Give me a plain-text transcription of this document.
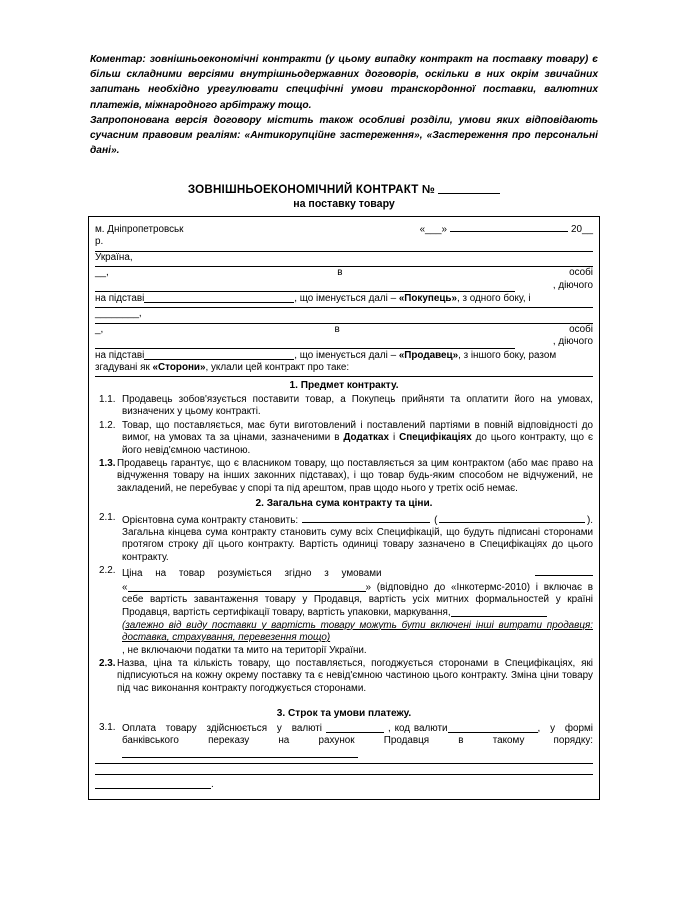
Коментар: зовнішньоекономічні контракти (у цьому випадку контракт на поставку товару) є більш складними версіями внутрішньодержавних договорів, оскільки в них окрім звичайних запитань необхідно урегулювати специфічні умови транскордонної поставки, валютних платежів, міжнародного арбітражу тощо.

Запропонована версія договору містить також особливі розділи, умови яких відповідають сучасним правовим реаліям: «Антикорупційне застереження», «Застереження про персональні дані».

ЗОВНІШНЬОЕКОНОМІЧНИЙ КОНТРАКТ №
на поставку товару
м. Дніпропетровськ	«___»	20__
р.
Україна,
__,	в	особі
, діючого
на підставі	, що іменується далі – «Покупець», з одного боку, і
________,
_,	в	особі
, діючого
на підставі	, що іменується далі – «Продавец», з іншого боку, разом
згадувані як «Сторони», уклали цей контракт про таке:
1. Предмет контракту.
1.1. Продавець зобов'язується поставити товар, а Покупець прийняти та оплатити його на умовах, визначених у цьому контракті.
1.2. Товар, що поставляється, має бути виготовлений і поставлений партіями в повній відповідності до вимог, на умовах та за цінами, зазначеними в Додатках і Специфікаціях до цього контракту, що є його невід'ємною частиною.
1.3. Продавець гарантує, що є власником товару, що поставляється за цим контрактом (або має право на відчуження товару на інших законних підставах), і що товар будь-яким способом не відчужений, не закладений, не перебуває у спорі та під арештом, прав щодо нього у третіх осіб немає.
2. Загальна сума контракту та ціни.
2.1. Орієнтовна сума контракту становить:	(	).
Загальна кінцева сума контракту становить суму всіх Специфікацій, що будуть підписані сторонами протягом строку дії цього контракту. Вартість одиниці товару зазначено в Специфікаціях до цього контракту.
2.2. Ціна на товар розуміється згідно з умовами
«	» (відповідно до «Інкотермс-2010) і включає в себе вартість завантаження товару у Продавця, вартість усіх митних формальностей у країні Продавця, вартість сертифікації товару, вартість упаковки, маркування,
(залежно від виду поставки у вартість товару можуть бути включені інші витрати продавця: доставка, страхування, перевезення тощо)
, не включаючи податки та мито на території України.
2.3. Назва, ціна та кількість товару, що поставляється, погоджується сторонами в Специфікаціях, які підписуються на кожну окрему поставку та є невід'ємною частиною цього контракту. Зміна ціни товару під час виконання контракту погоджується сторонами.
3. Строк та умови платежу.
3.1. Оплата товару здійснюється у валюті	, код валюти	, у формі банківського переказу на рахунок Продавця в такому порядку:
.
